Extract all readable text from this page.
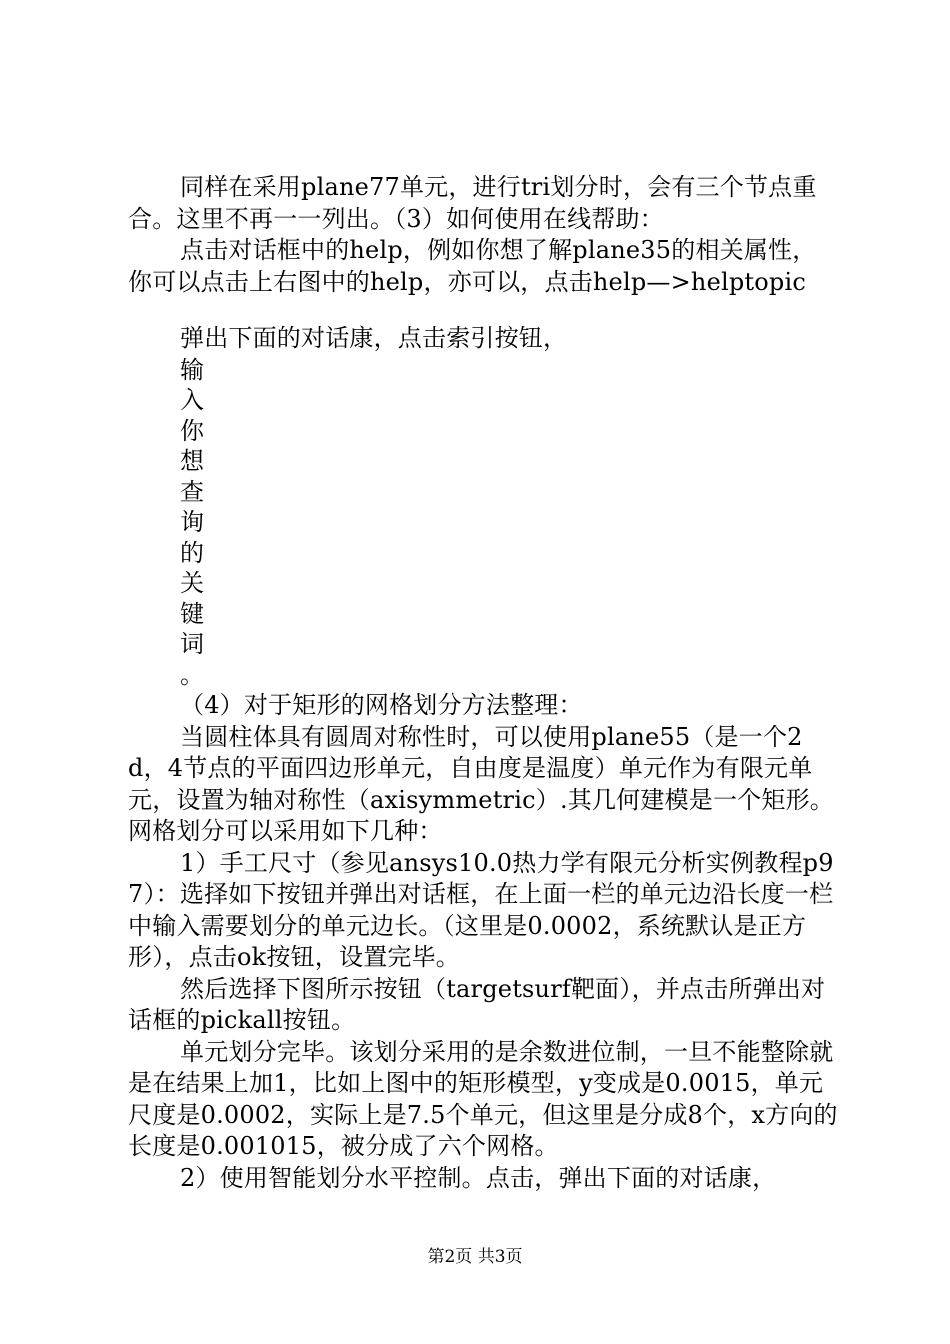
同样在采用plane77单元，进行tri划分时，会有三个节点重合。这里不再一一列出。（3）如何使用在线帮助：

点击对话框中的help，例如你想了解plane35的相关属性，你可以点击上右图中的help，亦可以，点击help—>helptopic

弹出下面的对话康，点击索引按钮，

输
入
你
想
查
询
的
关
键
词
。

（4）对于矩形的网格划分方法整理：

当圆柱体具有圆周对称性时，可以使用plane55（是一个2d，4节点的平面四边形单元，自由度是温度）单元作为有限元单元，设置为轴对称性（axisymmetric）.其几何建模是一个矩形。网格划分可以采用如下几种：

1）手工尺寸（参见ansys10.0热力学有限元分析实例教程p97）：选择如下按钮并弹出对话框，在上面一栏的单元边沿长度一栏中输入需要划分的单元边长。（这里是0.0002，系统默认是正方形），点击ok按钮，设置完毕。

然后选择下图所示按钮（targetsurf靶面），并点击所弹出对话框的pickall按钮。

单元划分完毕。该划分采用的是余数进位制，一旦不能整除就是在结果上加1，比如上图中的矩形模型，y变成是0.0015，单元尺度是0.0002，实际上是7.5个单元，但这里是分成8个，x方向的长度是0.001015，被分成了六个网格。

2）使用智能划分水平控制。点击，弹出下面的对话康，

第2页 共3页
